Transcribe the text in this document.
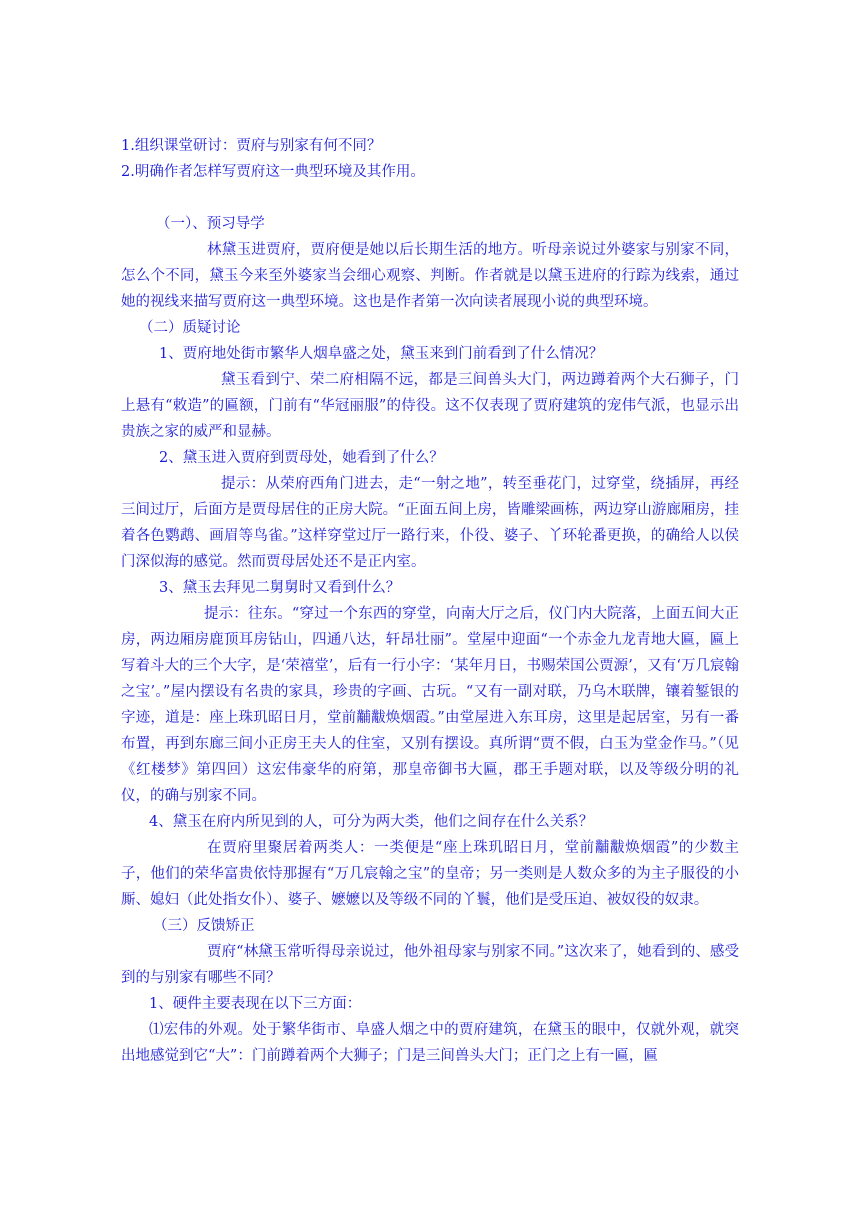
1.组织课堂研讨：贾府与别家有何不同？

2.明确作者怎样写贾府这一典型环境及其作用。

（一）、预习导学

林黛玉进贾府，贾府便是她以后长期生活的地方。听母亲说过外婆家与别家不同，怎么个不同，黛玉今来至外婆家当会细心观察、判断。作者就是以黛玉进府的行踪为线索，通过她的视线来描写贾府这一典型环境。这也是作者第一次向读者展现小说的典型环境。

（二）质疑讨论

1、贾府地处街市繁华人烟阜盛之处，黛玉来到门前看到了什么情况？

黛玉看到宁、荣二府相隔不远，都是三间兽头大门，两边蹲着两个大石狮子，门上悬有“敕造”的匾额，门前有“华冠丽服”的侍役。这不仅表现了贾府建筑的宠伟气派，也显示出贵族之家的威严和显赫。

2、黛玉进入贾府到贾母处，她看到了什么？

提示：从荣府西角门进去，走“一射之地”，转至垂花门，过穿堂，绕插屏，再经三间过厅，后面方是贾母居住的正房大院。“正面五间上房，皆雕梁画栋，两边穿山游廊厢房，挂着各色鹦鹉、画眉等鸟雀。”这样穿堂过厅一路行来，仆役、婆子、丫环轮番更换，的确给人以侯门深似海的感觉。然而贾母居处还不是正内室。

3、黛玉去拜见二舅舅时又看到什么？

提示：往东。“穿过一个东西的穿堂，向南大厅之后，仪门内大院落，上面五间大正房，两边厢房鹿顶耳房钻山，四通八达，轩昂壮丽”。堂屋中迎面“一个赤金九龙青地大匾，匾上写着斗大的三个大字，是‘荣禧堂’，后有一行小字：‘某年月日，书赐荣国公贾源’，又有‘万几宸翰之宝’。”屋内摆设有名贵的家具，珍贵的字画、古玩。“又有一副对联，乃乌木联牌，镶着錾银的字迹，道是：座上珠玑昭日月，堂前黼黻焕烟霞。”由堂屋进入东耳房，这里是起居室，另有一番布置，再到东廊三间小正房王夫人的住室，又别有摆设。真所谓“贾不假，白玉为堂金作马。”（见《红楼梦》第四回）这宏伟豪华的府第，那皇帝御书大匾，郡王手题对联，以及等级分明的礼仪，的确与别家不同。

4、黛玉在府内所见到的人，可分为两大类，他们之间存在什么关系？

在贾府里聚居着两类人：一类便是“座上珠玑昭日月，堂前黼黻焕烟霞”的少数主子，他们的荣华富贵依恃那握有“万几宸翰之宝”的皇帝；另一类则是人数众多的为主子服役的小厮、媳妇（此处指女仆）、婆子、嬷嬷以及等级不同的丫鬟，他们是受压迫、被奴役的奴隶。

（三）反馈矫正

贾府“林黛玉常听得母亲说过，他外祖母家与别家不同。”这次来了，她看到的、感受到的与别家有哪些不同？

1、硬件主要表现在以下三方面：

⑴宏伟的外观。处于繁华街市、阜盛人烟之中的贾府建筑，在黛玉的眼中，仅就外观，就突出地感觉到它“大”：门前蹲着两个大狮子；门是三间兽头大门；正门之上有一匾，匾
